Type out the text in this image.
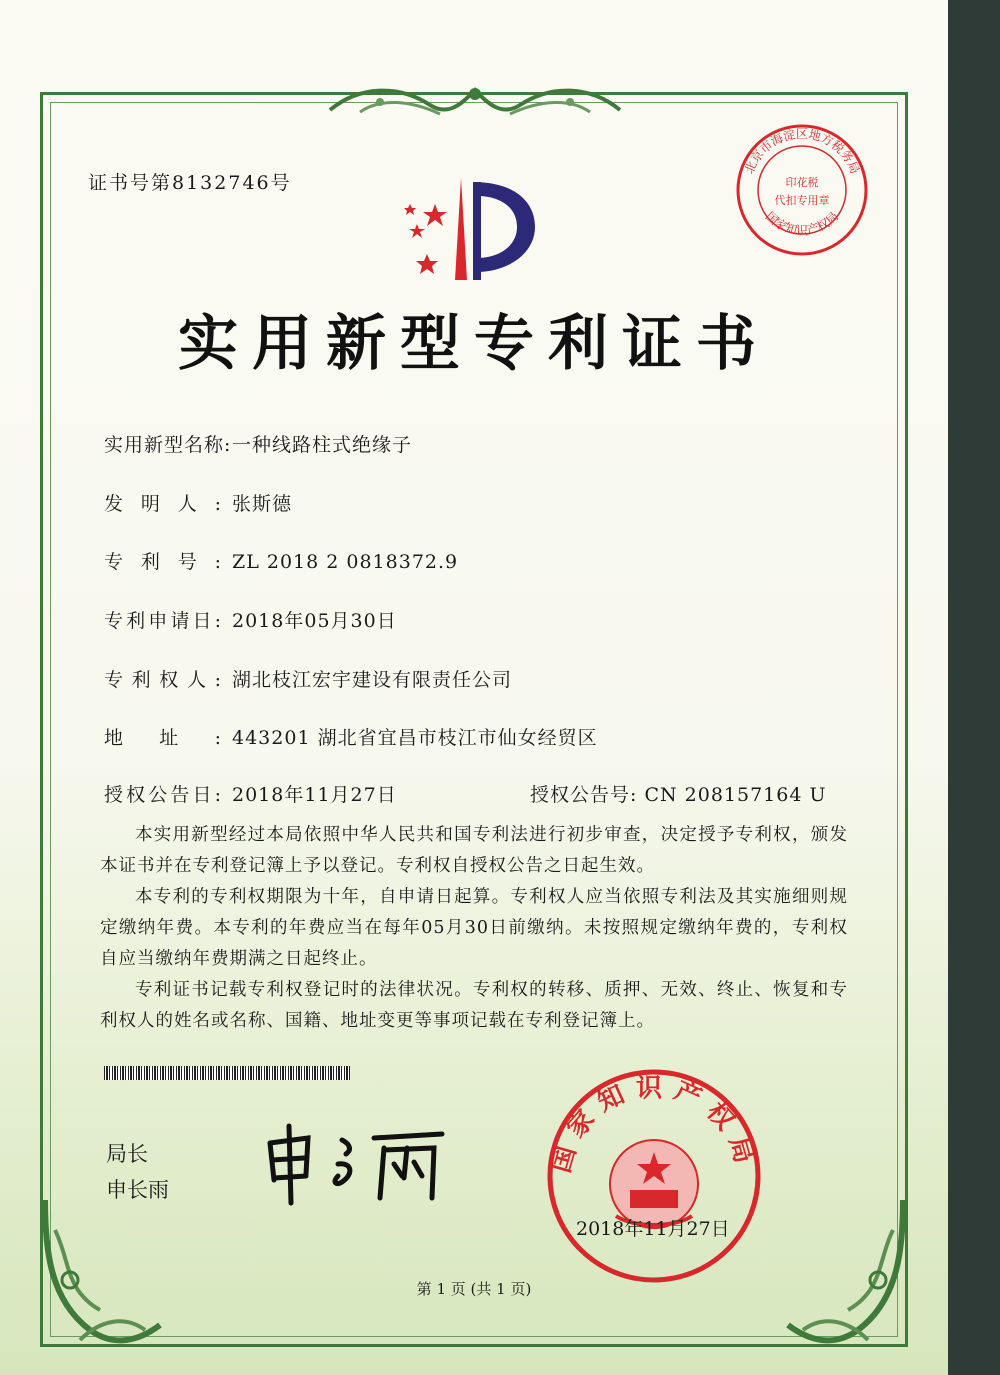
证书号第8132746号
北京市海淀区地方税务局
国家知识产权局
印花税
代扣专用章
实用新型专利证书
实用新型名称:一种线路柱式绝缘子
发明人: 张斯德
专利号: ZL 2018 2 0818372.9
专利申请日: 2018年05月30日
专利权人: 湖北枝江宏宇建设有限责任公司
地址: 443201 湖北省宜昌市枝江市仙女经贸区
授权公告日: 2018年11月27日	授权公告号: CN 208157164 U

本实用新型经过本局依照中华人民共和国专利法进行初步审查，决定授予专利权，颁发本证书并在专利登记簿上予以登记。专利权自授权公告之日起生效。

本专利的专利权期限为十年，自申请日起算。专利权人应当依照专利法及其实施细则规定缴纳年费。本专利的年费应当在每年05月30日前缴纳。未按照规定缴纳年费的，专利权自应当缴纳年费期满之日起终止。

专利证书记载专利权登记时的法律状况。专利权的转移、质押、无效、终止、恢复和专利权人的姓名或名称、国籍、地址变更等事项记载在专利登记簿上。

局长
申长雨
国家知识产权局
2018年11月27日
第 1 页 (共 1 页)
